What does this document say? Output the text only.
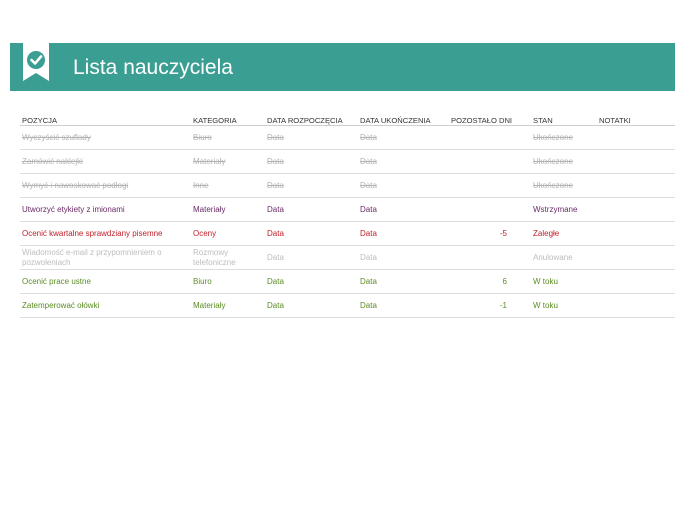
Lista nauczyciela
POZYCJA	KATEGORIA	DATA ROZPOCZĘCIA	DATA UKOŃCZENIA	POZOSTAŁO DNI	STAN	NOTATKI
Wyczyścić szuflady	Biuro	Data	Data		Ukończone	
Zamówić naklejki	Materiały	Data	Data		Ukończone	
Wymyć i nawoskować podłogi	Inne	Data	Data		Ukończone	
Utworzyć etykiety z imionami	Materiały	Data	Data		Wstrzymane	
Ocenić kwartalne sprawdziany pisemne	Oceny	Data	Data	-5	Zaległe	
Wiadomość e-mail z przypomnieniem o pozwoleniach	Rozmowy telefoniczne	Data	Data		Anulowane	
Ocenić prace ustne	Biuro	Data	Data	6	W toku	
Zatemperować ołówki	Materiały	Data	Data	-1	W toku	
